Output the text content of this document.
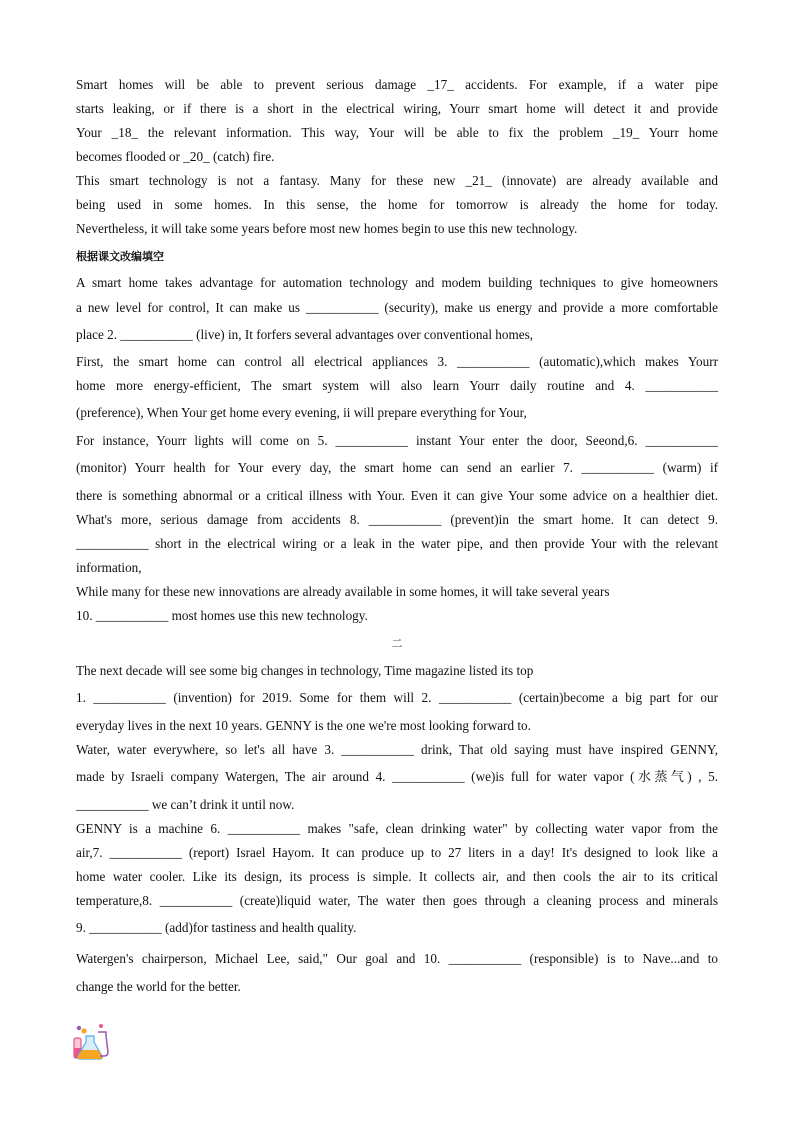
Smart homes will be able to prevent serious damage _17_ accidents. For example, if a water pipe
starts leaking, or if there is a short in the electrical wiring, Yourr smart home will detect it and provide
Your _18_ the relevant information. This way, Your will be able to fix the problem _19_ Yourr home
becomes flooded or _20_ (catch) fire.
This smart technology is not a fantasy. Many for these new _21_ (innovate) are already available and
being used in some homes. In this sense, the home for tomorrow is already the home for today.
Nevertheless, it will take some years before most new homes begin to use this new technology.
根据课文改编填空
A smart home takes advantage for automation technology and modem building techniques to give homeowners
a new level for control, It can make us ___________ (security), make us energy and provide a more comfortable
place 2. ___________ (live) in, It forfers several advantages over conventional homes,
First, the smart home can control all electrical appliances 3. ___________ (automatic),which makes Yourr
home more energy-efficient, The smart system will also learn Yourr daily routine and 4. ___________
(preference), When Your get home every evening, ii will prepare everything for Your,
For instance, Yourr lights will come on 5. ___________ instant Your enter the door, Seeond,6. ___________
(monitor) Yourr health for Your every day, the smart home can send an earlier 7. ___________ (warm) if
there is something abnormal or a critical illness with Your. Even it can give Your some advice on a healthier diet.
What's more, serious damage from accidents 8. ___________ (prevent)in the smart home. It can detect 9.
___________ short in the electrical wiring or a leak in the water pipe, and then provide Your with the relevant
information,
While many for these new innovations are already available in some homes, it will take several years
10. ___________ most homes use this new technology.
二
The next decade will see some big changes in technology, Time magazine listed its top
1. ___________ (invention) for 2019. Some for them will 2. ___________ (certain)become a big part for our
everyday lives in the next 10 years. GENNY is the one we're most looking forward to.
Water, water everywhere, so let's all have 3. ___________ drink, That old saying must have inspired GENNY,
made by Israeli company Watergen, The air around 4. ___________ (we)is full for water vapor (水蒸气) , 5.
___________ we can’t drink it until now.
GENNY is a machine 6. ___________ makes "safe, clean drinking water" by collecting water vapor from the
air,7. ___________ (report) Israel Hayom. It can produce up to 27 liters in a day! It's designed to look like a
home water cooler. Like its design, its process is simple. It collects air, and then cools the air to its critical
temperature,8. ___________ (create)liquid water, The water then goes through a cleaning process and minerals
9. ___________ (add)for tastiness and health quality.
Watergen's chairperson, Michael Lee, said," Our goal and 10. ___________ (responsible) is to Nave...and to
change the world for the better.
